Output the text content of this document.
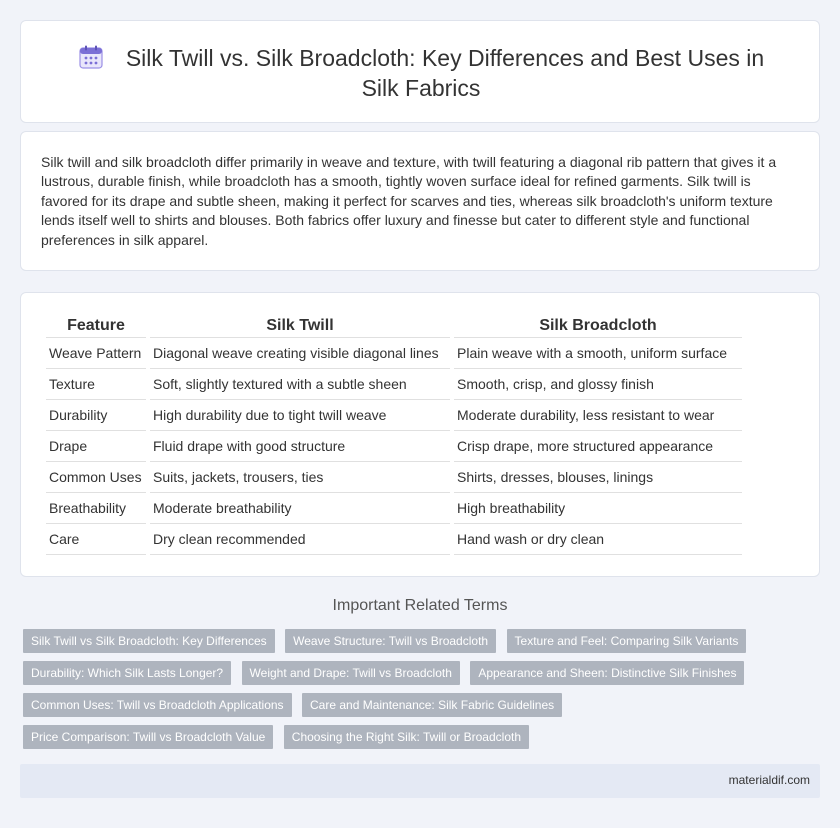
Silk Twill vs. Silk Broadcloth: Key Differences and Best Uses in Silk Fabrics

Silk twill and silk broadcloth differ primarily in weave and texture, with twill featuring a diagonal rib pattern that gives it a lustrous, durable finish, while broadcloth has a smooth, tightly woven surface ideal for refined garments. Silk twill is favored for its drape and subtle sheen, making it perfect for scarves and ties, whereas silk broadcloth's uniform texture lends itself well to shirts and blouses. Both fabrics offer luxury and finesse but cater to different style and functional preferences in silk apparel.

Feature	Silk Twill	Silk Broadcloth
Weave Pattern	Diagonal weave creating visible diagonal lines	Plain weave with a smooth, uniform surface
Texture	Soft, slightly textured with a subtle sheen	Smooth, crisp, and glossy finish
Durability	High durability due to tight twill weave	Moderate durability, less resistant to wear
Drape	Fluid drape with good structure	Crisp drape, more structured appearance
Common Uses	Suits, jackets, trousers, ties	Shirts, dresses, blouses, linings
Breathability	Moderate breathability	High breathability
Care	Dry clean recommended	Hand wash or dry clean
Important Related Terms
Silk Twill vs Silk Broadcloth: Key Differences Weave Structure: Twill vs Broadcloth Texture and Feel: Comparing Silk Variants Durability: Which Silk Lasts Longer? Weight and Drape: Twill vs Broadcloth Appearance and Sheen: Distinctive Silk Finishes Common Uses: Twill vs Broadcloth Applications Care and Maintenance: Silk Fabric Guidelines Price Comparison: Twill vs Broadcloth Value Choosing the Right Silk: Twill or Broadcloth
materialdif.com
